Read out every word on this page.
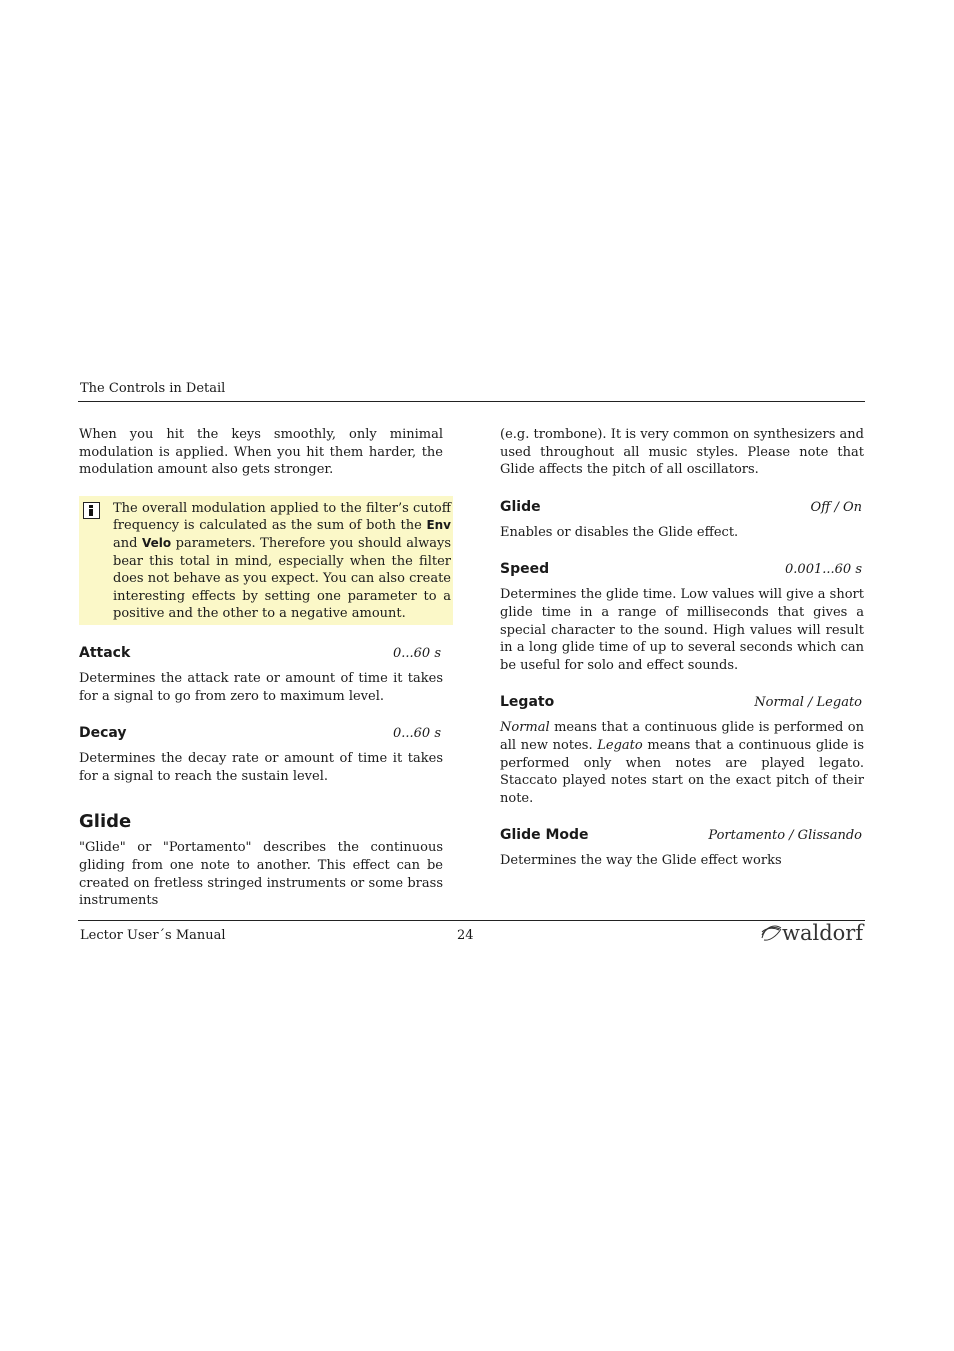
The Controls in Detail

When you hit the keys smoothly, only minimal modulation is applied. When you hit them harder, the modulation amount also gets stronger.

The overall modulation applied to the filter’s cutoff frequency is calculated as the sum of both the Env and Velo parameters. Therefore you should always bear this total in mind, especially when the filter does not behave as you expect. You can also create interesting effects by setting one parameter to a positive and the other to a negative amount.

Attack	0...60 s

Determines the attack rate or amount of time it takes for a signal to go from zero to maximum level.

Decay	0...60 s

Determines the decay rate or amount of time it takes for a signal to reach the sustain level.

Glide

"Glide" or "Portamento" describes the continuous gliding from one note to another. This effect can be created on fretless stringed instruments or some brass instruments

(e.g. trombone). It is very common on synthesizers and used throughout all music styles. Please note that Glide affects the pitch of all oscillators.

Glide	Off / On

Enables or disables the Glide effect.

Speed	0.001...60 s

Determines the glide time. Low values will give a short glide time in a range of milliseconds that gives a special character to the sound. High values will result in a long glide time of up to several seconds which can be useful for solo and effect sounds.

Legato	Normal / Legato

Normal means that a continuous glide is performed on all new notes. Legato means that a continuous glide is performed only when notes are played legato. Staccato played notes start on the exact pitch of their note.

Glide Mode	Portamento / Glissando

Determines the way the Glide effect works

Lector User´s Manual	24	waldorf
